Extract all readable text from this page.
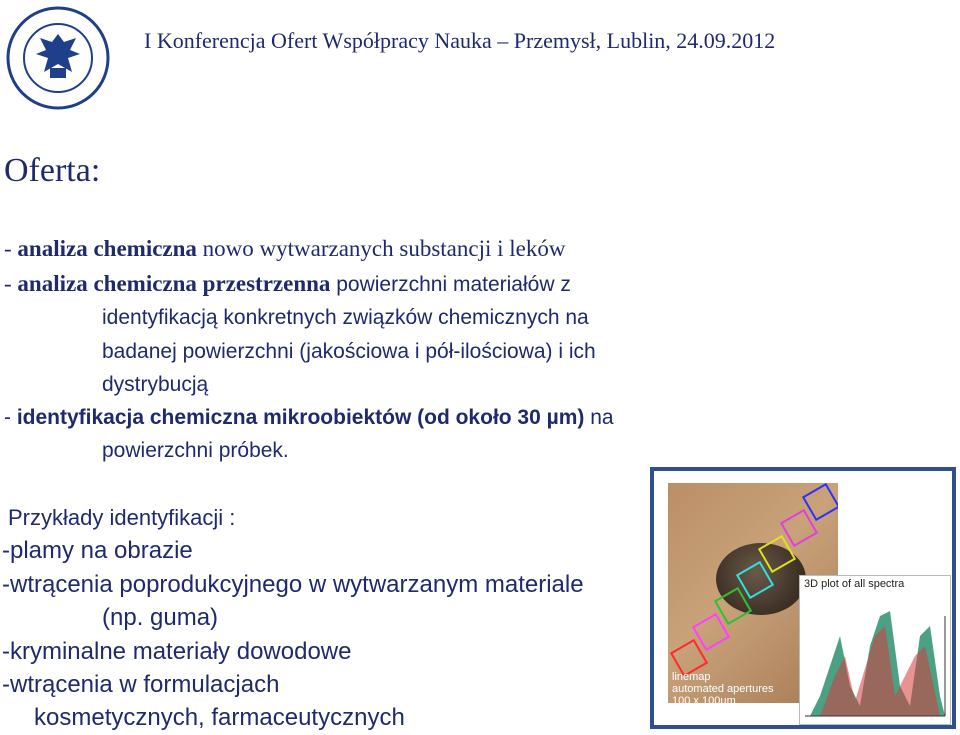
I Konferencja Ofert Współpracy Nauka – Przemysł, Lublin, 24.09.2012
Oferta:
- analiza chemiczna nowo wytwarzanych substancji i leków
- analiza chemiczna przestrzenna powierzchni materiałów z
identyfikacją konkretnych związków chemicznych na
badanej powierzchni (jakościowa i pół-ilościowa) i ich
dystrybucją
- identyfikacja chemiczna mikroobiektów (od około 30 µm) na
powierzchni próbek.
Przykłady identyfikacji :
-plamy na obrazie
-wtrącenia poprodukcyjnego w wytwarzanym materiale
(np. guma)
-kryminalne materiały dowodowe
-wtrącenia w formulacjach
kosmetycznych, farmaceutycznych
3D plot of all spectra
linemap
automated apertures
100 x 100µm
